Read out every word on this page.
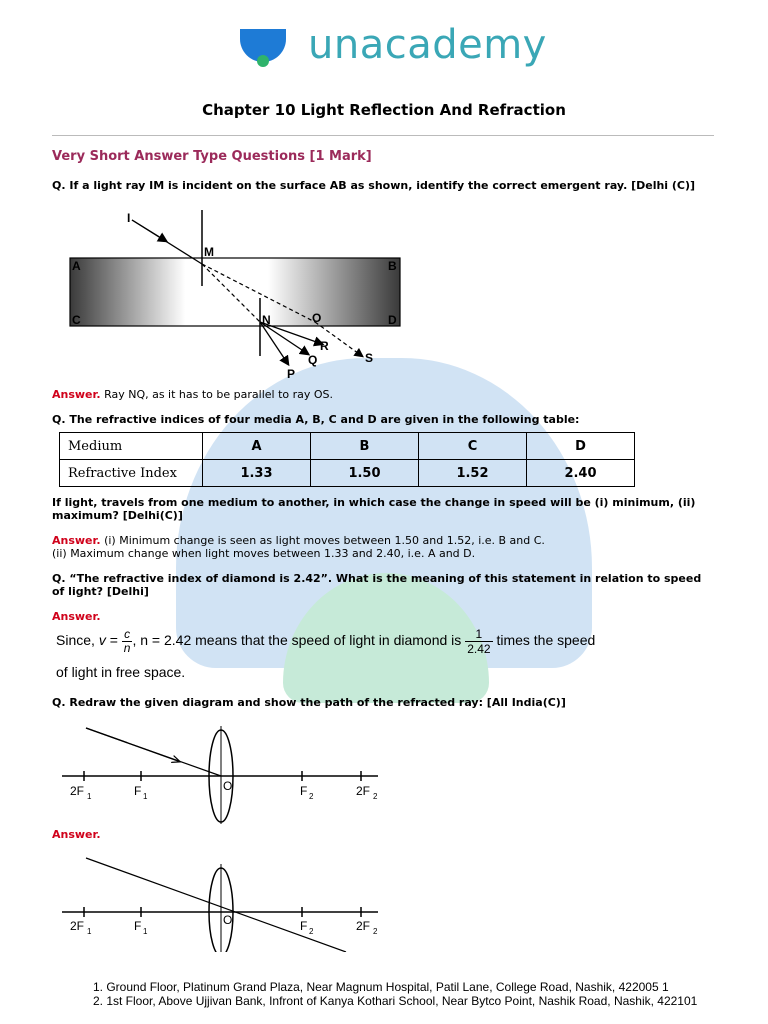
unacademy
Chapter 10 Light Reflection And Refraction
Very Short Answer Type Questions [1 Mark]
Q. If a light ray IM is incident on the surface AB as shown, identify the correct emergent ray. [Delhi (C)]
I
M
A	B
C	D
N	O
R
Q
P
S
Answer. Ray NQ, as it has to be parallel to ray OS.
Q. The refractive indices of four media A, B, C and D are given in the following table:
Medium	A	B	C	D
Refractive Index	1.33	1.50	1.52	2.40
If light, travels from one medium to another, in which case the change in speed will be (i) minimum, (ii) maximum? [Delhi(C)]
Answer. (i) Minimum change is seen as light moves between 1.50 and 1.52, i.e. B and C.
(ii) Maximum change when light moves between 1.33 and 2.40, i.e. A and D.
Q. “The refractive index of diamond is 2.42”. What is the meaning of this statement in relation to speed of light? [Delhi]
Answer.
Since, $v = \frac{c}{n}$, n = 2.42 means that the speed of light in diamond is $\frac{1}{2.42}$ times the speed
of light in free space.
Q. Redraw the given diagram and show the path of the refracted ray: [All India(C)]
2F 1	F 1
O	F 2	2F 2
Answer.
2F 1	F 1
O	F 2	2F 2
1. Ground Floor, Platinum Grand Plaza, Near Magnum Hospital, Patil Lane, College Road, Nashik, 422005 1
2. 1st Floor, Above Ujjivan Bank, Infront of Kanya Kothari School, Near Bytco Point, Nashik Road, Nashik, 422101
